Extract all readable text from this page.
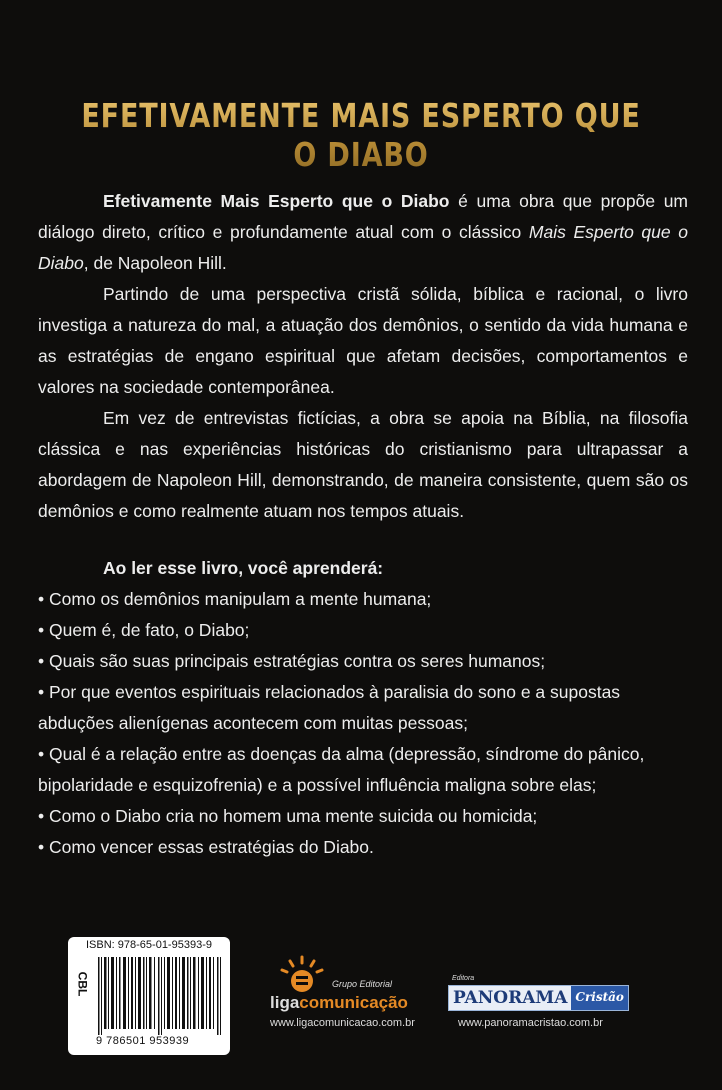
EFETIVAMENTE MAIS ESPERTO QUE O DIABO

Efetivamente Mais Esperto que o Diabo é uma obra que propõe um diálogo direto, crítico e profundamente atual com o clássico Mais Esperto que o Diabo, de Napoleon Hill.

Partindo de uma perspectiva cristã sólida, bíblica e racional, o livro investiga a natureza do mal, a atuação dos demônios, o sentido da vida humana e as estratégias de engano espiritual que afetam decisões, comportamentos e valores na sociedade contemporânea.

Em vez de entrevistas fictícias, a obra se apoia na Bíblia, na filosofia clássica e nas experiências históricas do cristianismo para ultrapassar a abordagem de Napoleon Hill, demonstrando, de maneira consistente, quem são os demônios e como realmente atuam nos tempos atuais.

Ao ler esse livro, você aprenderá:
• Como os demônios manipulam a mente humana;
• Quem é, de fato, o Diabo;
• Quais são suas principais estratégias contra os seres humanos;
• Por que eventos espirituais relacionados à paralisia do sono e a supostas abduções alienígenas acontecem com muitas pessoas;
• Qual é a relação entre as doenças da alma (depressão, síndrome do pânico, bipolaridade e esquizofrenia) e a possível influência maligna sobre elas;
• Como o Diabo cria no homem uma mente suicida ou homicida;
• Como vencer essas estratégias do Diabo.
ISBN: 978-65-01-95393-9
CBL
9 786501 953939
Grupo Editorial
ligacomunicação
www.ligacomunicacao.com.br
Editora
PANORAMA Cristão
www.panoramacristao.com.br
